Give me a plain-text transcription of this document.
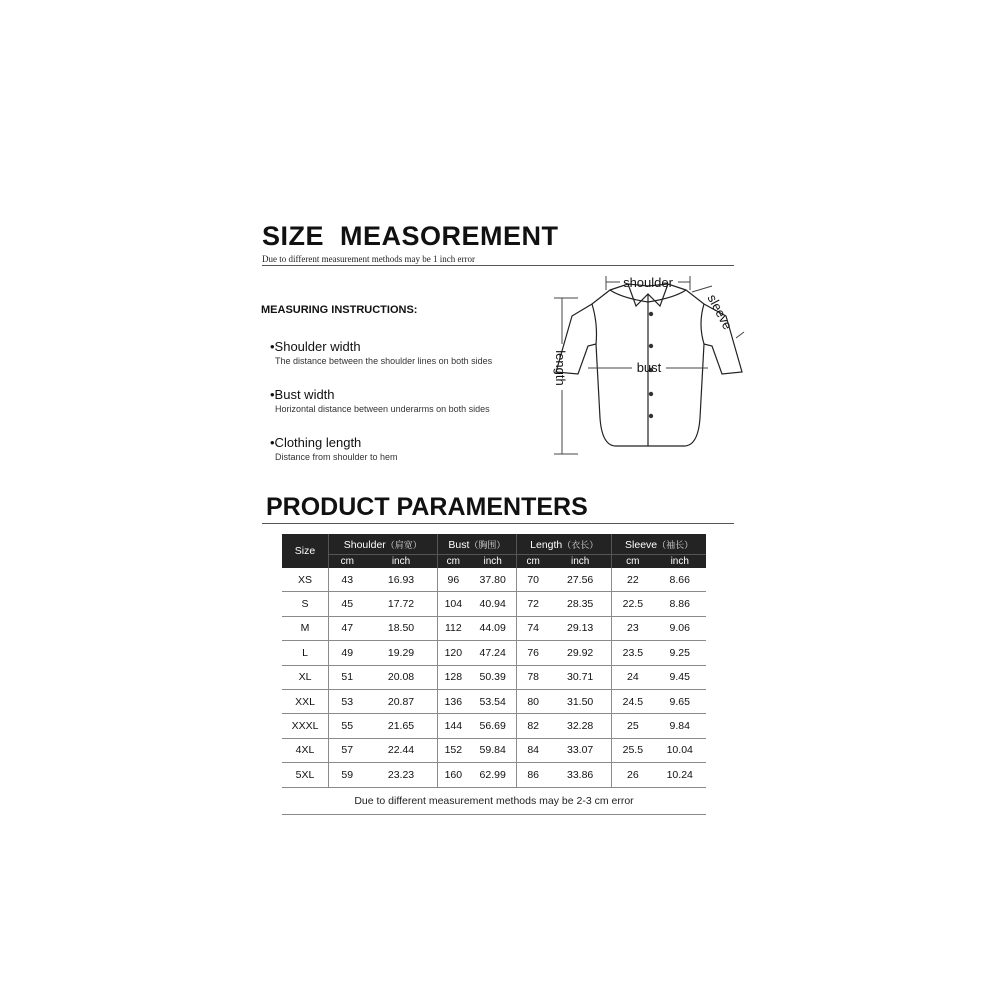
SIZE  MEASOREMENT
Due to different measurement methods may be 1 inch error
MEASURING INSTRUCTIONS:
•Shoulder width
The distance between the shoulder lines on both sides
•Bust width
Horizontal distance between underarms on both sides
•Clothing length
Distance from shoulder to hem
shoulder
bust
length
sleeve
PRODUCT PARAMENTERS
Size	Shoulder（肩宽）		Bust（胸围）		Length（衣长）		Sleeve（袖长）	
	cm	inch	cm	inch	cm	inch	cm	inch
XS	43	16.93	96	37.80	70	27.56	22	8.66
S	45	17.72	104	40.94	72	28.35	22.5	8.86
M	47	18.50	112	44.09	74	29.13	23	9.06
L	49	19.29	120	47.24	76	29.92	23.5	9.25
XL	51	20.08	128	50.39	78	30.71	24	9.45
XXL	53	20.87	136	53.54	80	31.50	24.5	9.65
XXXL	55	21.65	144	56.69	82	32.28	25	9.84
4XL	57	22.44	152	59.84	84	33.07	25.5	10.04
5XL	59	23.23	160	62.99	86	33.86	26	10.24
Due to different measurement methods may be 2-3 cm error								
